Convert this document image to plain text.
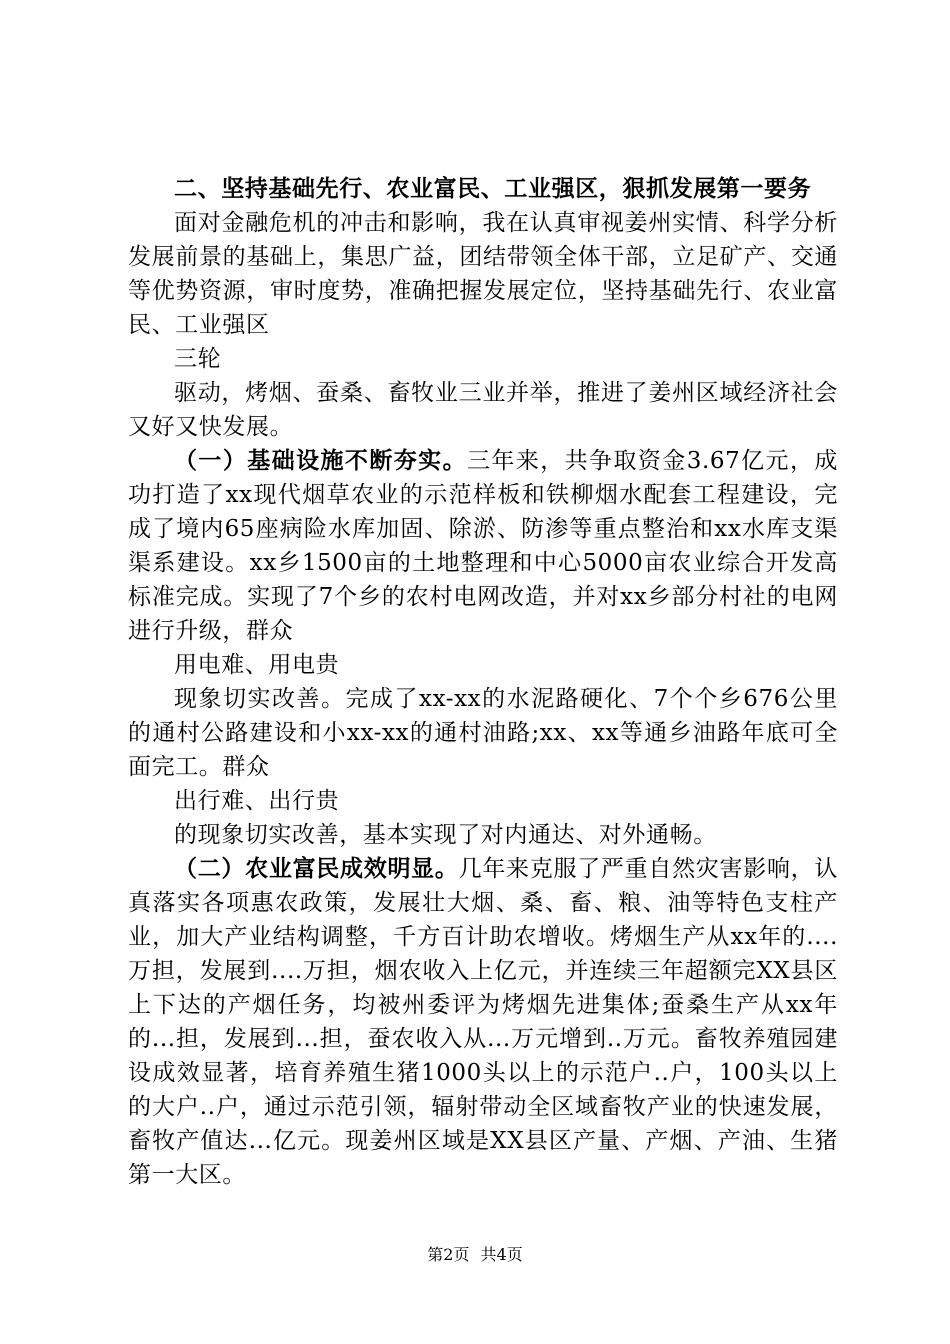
二、坚持基础先行、农业富民、工业强区，狠抓发展第一要务

面对金融危机的冲击和影响，我在认真审视姜州实情、科学分析发展前景的基础上，集思广益，团结带领全体干部，立足矿产、交通等优势资源，审时度势，准确把握发展定位，坚持基础先行、农业富民、工业强区

三轮

驱动，烤烟、蚕桑、畜牧业三业并举，推进了姜州区域经济社会又好又快发展。

（一）基础设施不断夯实。三年来，共争取资金3.67亿元，成功打造了xx现代烟草农业的示范样板和铁柳烟水配套工程建设，完成了境内65座病险水库加固、除淤、防渗等重点整治和xx水库支渠渠系建设。xx乡1500亩的土地整理和中心5000亩农业综合开发高标准完成。实现了7个乡的农村电网改造，并对xx乡部分村社的电网进行升级，群众

用电难、用电贵

现象切实改善。完成了xx-xx的水泥路硬化、7个个乡676公里的通村公路建设和小xx-xx的通村油路;xx、xx等通乡油路年底可全面完工。群众

出行难、出行贵

的现象切实改善，基本实现了对内通达、对外通畅。

（二）农业富民成效明显。几年来克服了严重自然灾害影响，认真落实各项惠农政策，发展壮大烟、桑、畜、粮、油等特色支柱产业，加大产业结构调整，千方百计助农增收。烤烟生产从xx年的....万担，发展到....万担，烟农收入上亿元，并连续三年超额完XX县区上下达的产烟任务，均被州委评为烤烟先进集体;蚕桑生产从xx年的...担，发展到...担，蚕农收入从...万元增到..万元。畜牧养殖园建设成效显著，培育养殖生猪1000头以上的示范户..户，100头以上的大户..户，通过示范引领，辐射带动全区域畜牧产业的快速发展，畜牧产值达...亿元。现姜州区域是XX县区产量、产烟、产油、生猪第一大区。

第2页 共4页
